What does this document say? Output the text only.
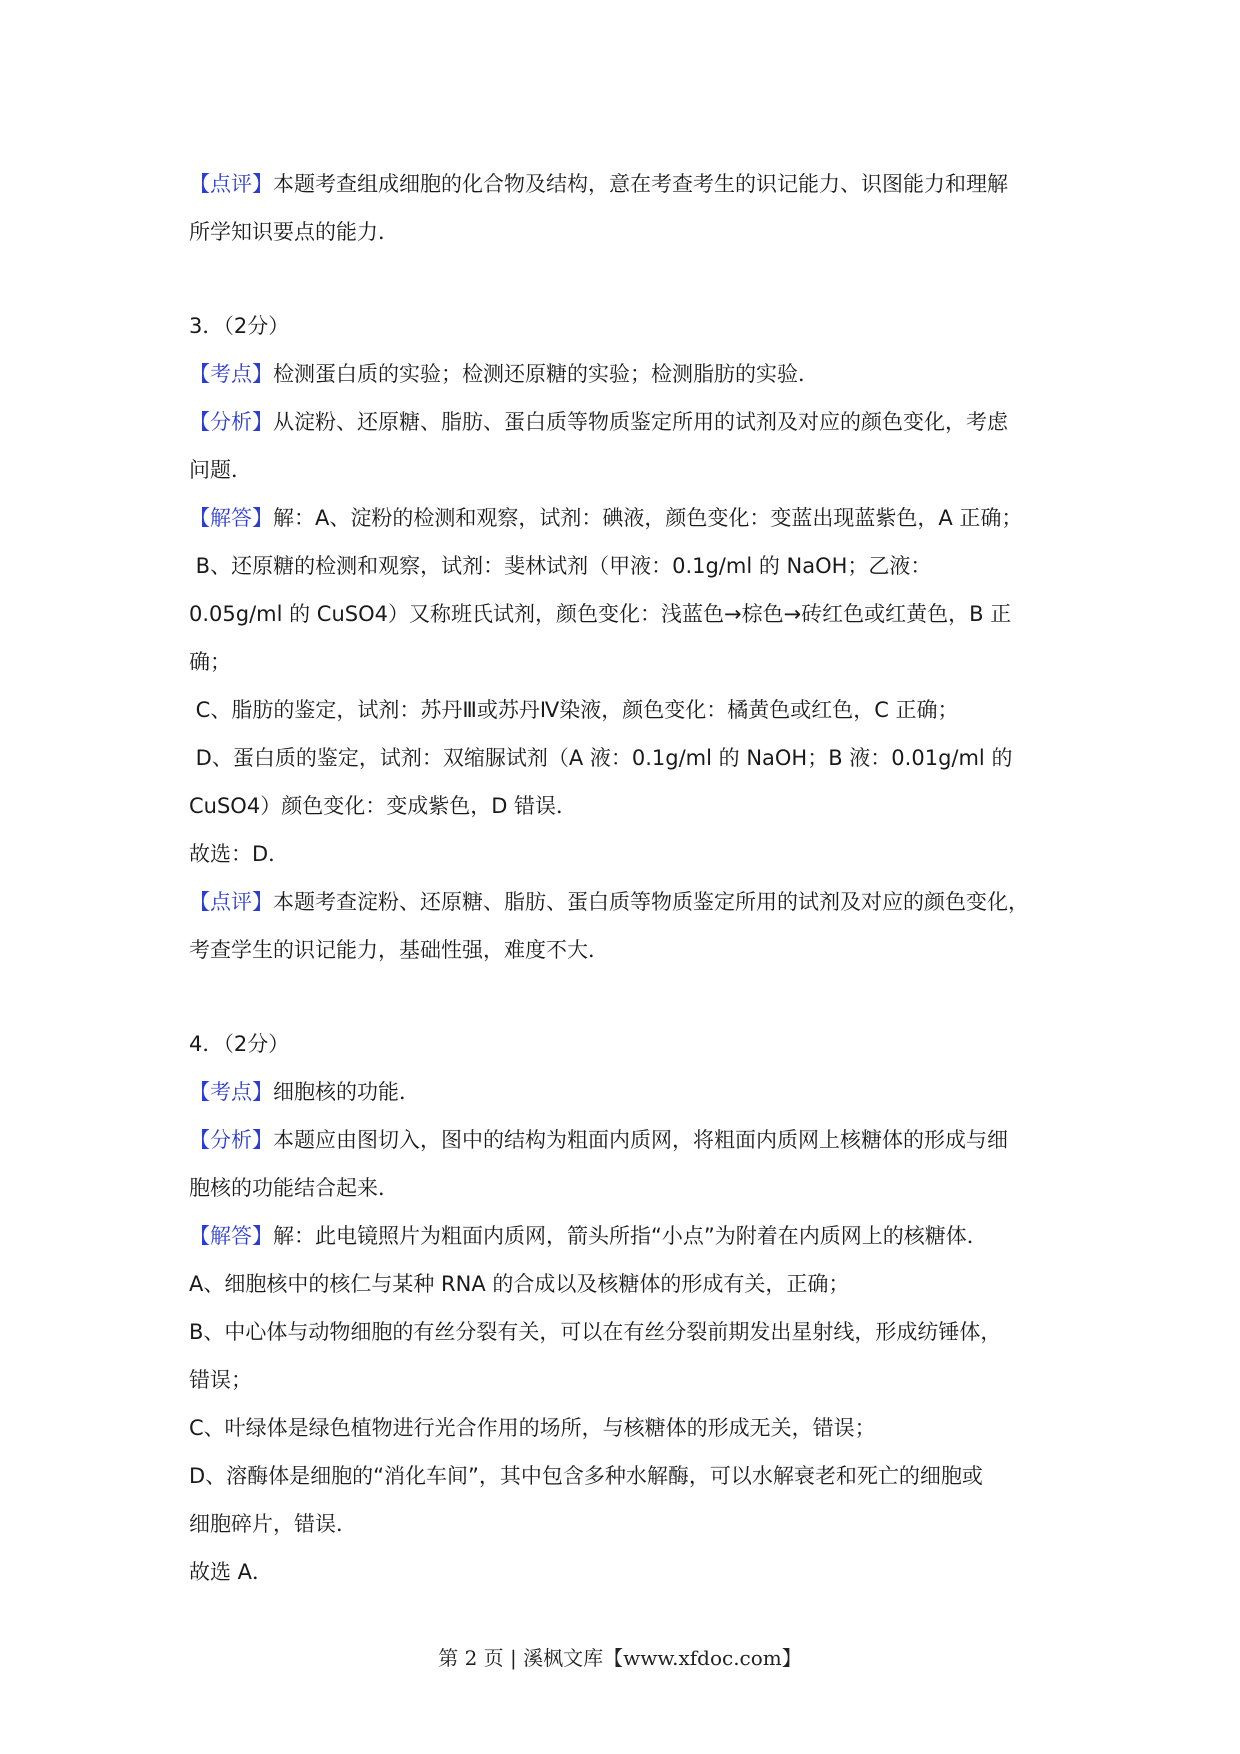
【点评】本题考查组成细胞的化合物及结构，意在考查考生的识记能力、识图能力和理解
所学知识要点的能力．
3．（2分）
【考点】检测蛋白质的实验；检测还原糖的实验；检测脂肪的实验．
【分析】从淀粉、还原糖、脂肪、蛋白质等物质鉴定所用的试剂及对应的颜色变化，考虑
问题．
【解答】解：A、淀粉的检测和观察，试剂：碘液，颜色变化：变蓝出现蓝紫色，A 正确；
B、还原糖的检测和观察，试剂：斐林试剂（甲液：0.1g/ml 的 NaOH；乙液：
0.05g/ml 的 CuSO4）又称班氏试剂，颜色变化：浅蓝色→棕色→砖红色或红黄色，B 正
确；
C、脂肪的鉴定，试剂：苏丹Ⅲ或苏丹Ⅳ染液，颜色变化：橘黄色或红色，C 正确；
D、蛋白质的鉴定，试剂：双缩脲试剂（A 液：0.1g/ml 的 NaOH；B 液：0.01g/ml 的
CuSO4）颜色变化：变成紫色，D 错误．
故选：D．
【点评】本题考查淀粉、还原糖、脂肪、蛋白质等物质鉴定所用的试剂及对应的颜色变化，
考查学生的识记能力，基础性强，难度不大．
4．（2分）
【考点】细胞核的功能．
【分析】本题应由图切入，图中的结构为粗面内质网，将粗面内质网上核糖体的形成与细
胞核的功能结合起来．
【解答】解：此电镜照片为粗面内质网，箭头所指“小点”为附着在内质网上的核糖体．
A、细胞核中的核仁与某种 RNA 的合成以及核糖体的形成有关，正确；
B、中心体与动物细胞的有丝分裂有关，可以在有丝分裂前期发出星射线，形成纺锤体，
错误；
C、叶绿体是绿色植物进行光合作用的场所，与核糖体的形成无关，错误；
D、溶酶体是细胞的“消化车间”，其中包含多种水解酶，可以水解衰老和死亡的细胞或
细胞碎片，错误．
故选 A．
第 2 页 | 溪枫文库【www.xfdoc.com】
